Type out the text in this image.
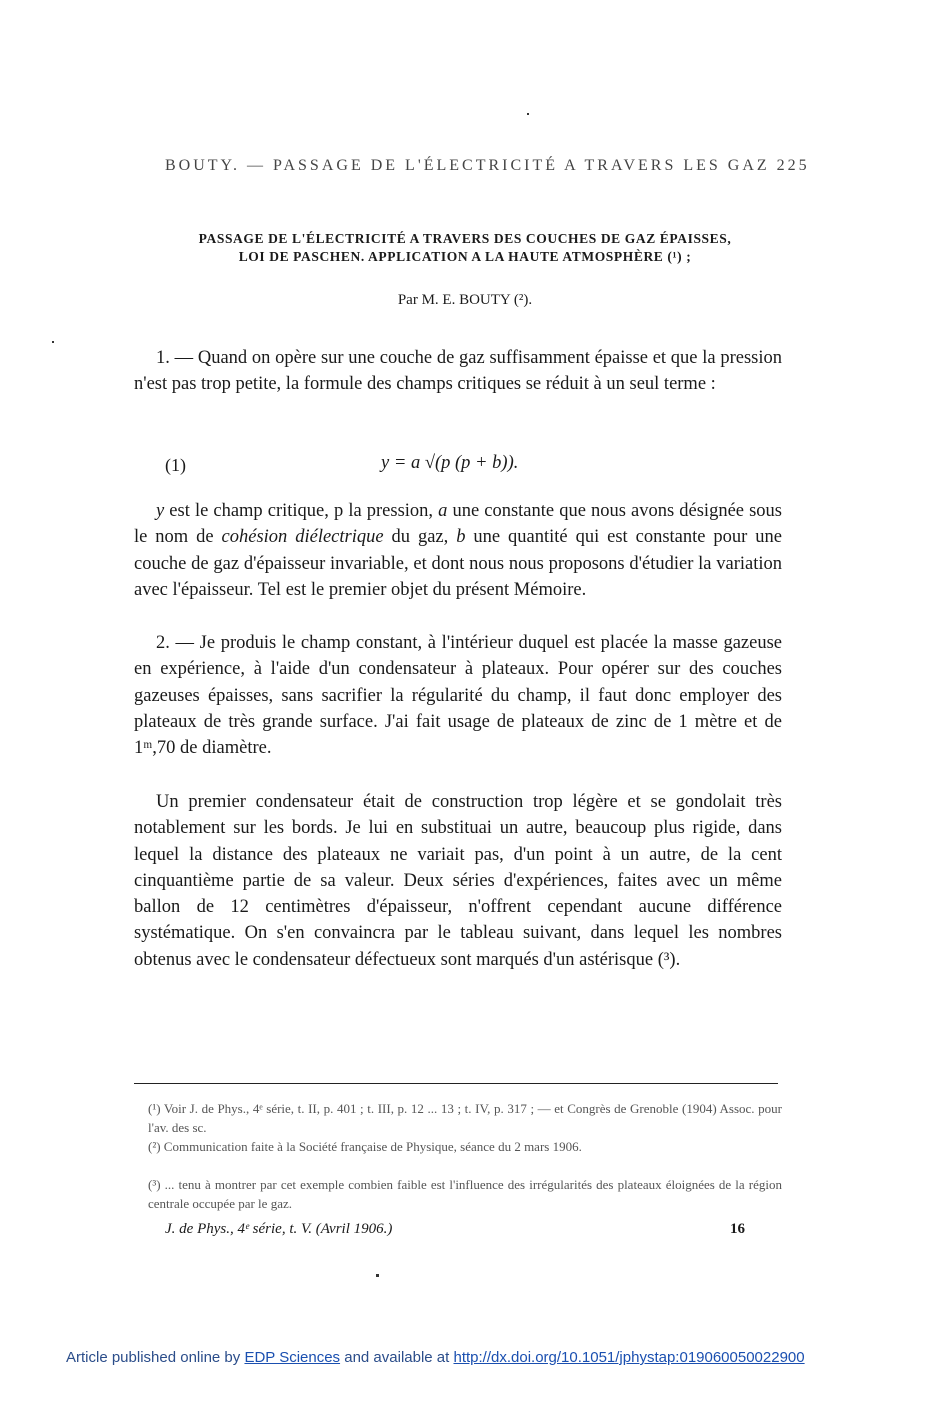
BOUTY. — PASSAGE DE L'ÉLECTRICITÉ A TRAVERS LES GAZ 225
PASSAGE DE L'ÉLECTRICITÉ A TRAVERS DES COUCHES DE GAZ ÉPAISSES,
LOI DE PASCHEN. APPLICATION A LA HAUTE ATMOSPHÈRE (¹) ;
Par M. E. BOUTY (²).

1. — Quand on opère sur une couche de gaz suffisamment épaisse et que la pression n'est pas trop petite, la formule des champs critiques se réduit à un seul terme :

(1)	y = a √(p (p + b)).

y est le champ critique, p la pression, a une constante que nous avons désignée sous le nom de cohésion diélectrique du gaz, b une quantité qui est constante pour une couche de gaz d'épaisseur invariable, et dont nous nous proposons d'étudier la variation avec l'épaisseur. Tel est le premier objet du présent Mémoire.

2. — Je produis le champ constant, à l'intérieur duquel est placée la masse gazeuse en expérience, à l'aide d'un condensateur à plateaux. Pour opérer sur des couches gazeuses épaisses, sans sacrifier la régularité du champ, il faut donc employer des plateaux de très grande surface. J'ai fait usage de plateaux de zinc de 1 mètre et de 1ᵐ,70 de diamètre.

Un premier condensateur était de construction trop légère et se gondolait très notablement sur les bords. Je lui en substituai un autre, beaucoup plus rigide, dans lequel la distance des plateaux ne variait pas, d'un point à un autre, de la cent cinquantième partie de sa valeur. Deux séries d'expériences, faites avec un même ballon de 12 centimètres d'épaisseur, n'offrent cependant aucune différence systématique. On s'en convaincra par le tableau suivant, dans lequel les nombres obtenus avec le condensateur défectueux sont marqués d'un astérisque (³).

(¹) Voir J. de Phys., 4ᵉ série, t. II, p. 401 ; t. III, p. 12 ... 13 ; t. IV, p. 317 ; — et Congrès de Grenoble (1904) Assoc. pour l'av. des sc.
(²) Communication faite à la Société française de Physique, séance du 2 mars 1906.
(³) ... tenu à montrer par cet exemple combien faible est l'influence des irrégularités des plateaux éloignées de la région centrale occupée par le gaz.
J. de Phys., 4ᵉ série, t. V. (Avril 1906.)	16
Article published online by EDP Sciences and available at http://dx.doi.org/10.1051/jphystap:019060050022900
